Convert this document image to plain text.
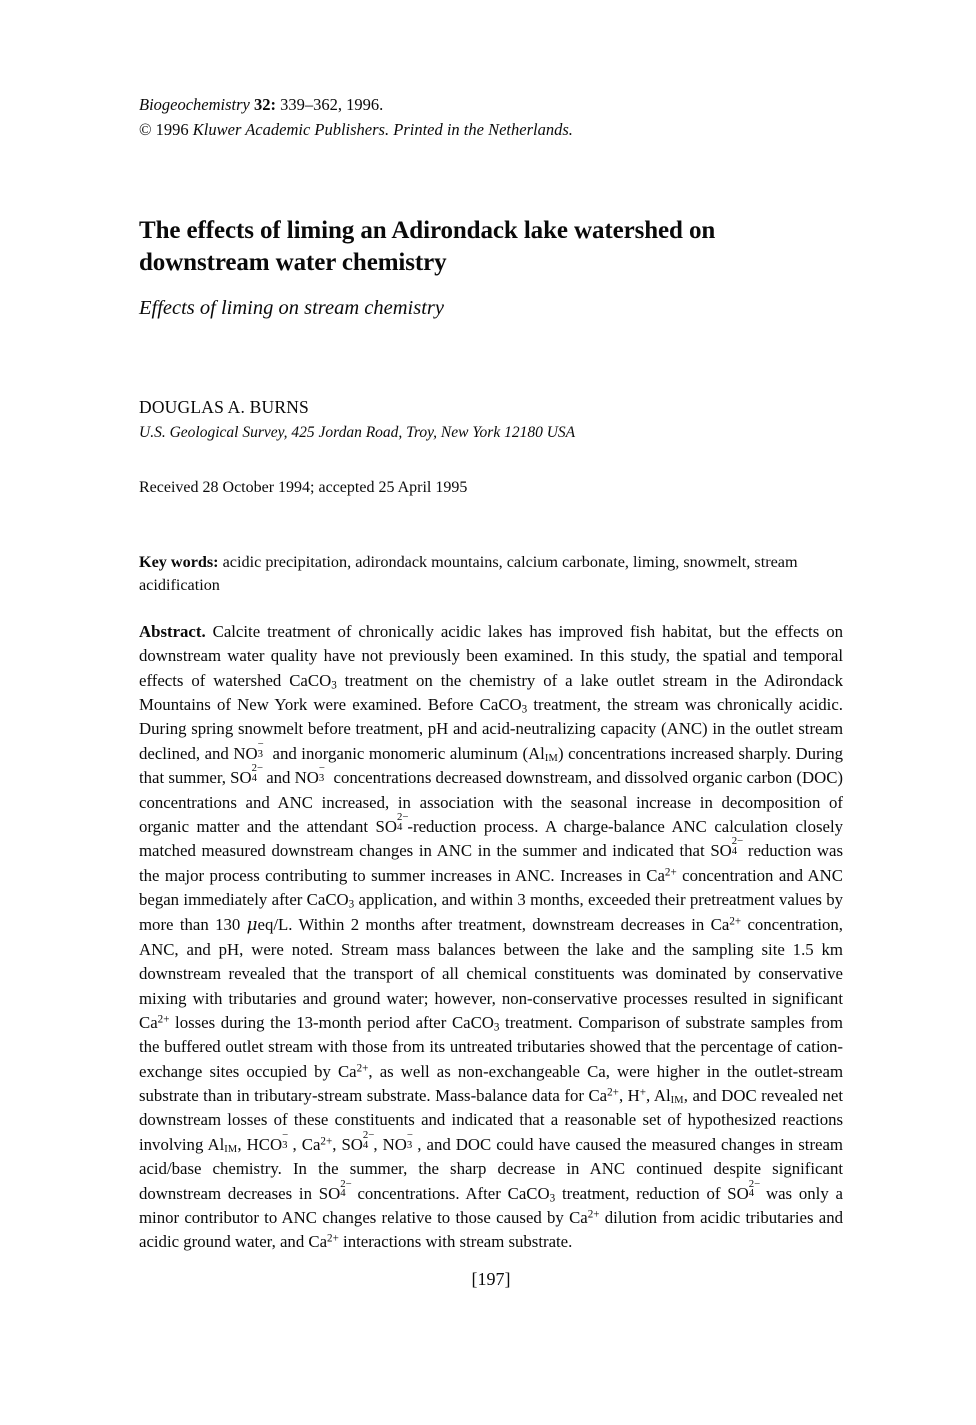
Biogeochemistry 32: 339–362, 1996.
© 1996 Kluwer Academic Publishers. Printed in the Netherlands.
The effects of liming an Adirondack lake watershed on downstream water chemistry
Effects of liming on stream chemistry
DOUGLAS A. BURNS
U.S. Geological Survey, 425 Jordan Road, Troy, New York 12180 USA
Received 28 October 1994; accepted 25 April 1995
Key words: acidic precipitation, adirondack mountains, calcium carbonate, liming, snowmelt, stream acidification
Abstract. Calcite treatment of chronically acidic lakes has improved fish habitat, but the effects on downstream water quality have not previously been examined. In this study, the spatial and temporal effects of watershed CaCO$_3$ treatment on the chemistry of a lake outlet stream in the Adirondack Mountains of New York were examined. Before CaCO$_3$ treatment, the stream was chronically acidic. During spring snowmelt before treatment, pH and acid-neutralizing capacity (ANC) in the outlet stream declined, and NO
−
3 and inorganic monomeric aluminum (AlIM) concentrations increased sharply. During that summer, SO
2−
4 and NO
−
3 concentrations decreased downstream, and dissolved organic carbon (DOC) concentrations and ANC increased, in association with the seasonal increase in decomposition of organic matter and the attendant SO
2−
4 -reduction process. A charge-balance ANC calculation closely matched measured downstream changes in ANC in the summer and indicated that SO
2−
4 reduction was the major process contributing to summer increases in ANC. Increases in $Ca^{2+}$ concentration and ANC began immediately after CaCO$_3$ application, and within 3 months, exceeded their pretreatment values by more than 130 μeq/L. Within 2 months after treatment, downstream decreases in $Ca^{2+}$ concentration, ANC, and pH, were noted. Stream mass balances between the lake and the sampling site 1.5 km downstream revealed that the transport of all chemical constituents was dominated by conservative mixing with tributaries and ground water; however, non-conservative processes resulted in significant $Ca^{2+}$ losses during the 13-month period after CaCO$_3$ treatment. Comparison of substrate samples from the buffered outlet stream with those from its untreated tributaries showed that the percentage of cation-exchange sites occupied by $Ca^{2+}$, as well as non-exchangeable Ca, were higher in the outlet-stream substrate than in tributary-stream substrate. Mass-balance data for $Ca^{2+}$, H+, AlIM, and DOC revealed net downstream losses of these constituents and indicated that a reasonable set of hypothesized reactions involving AlIM, HCO
−
3 , $Ca^{2+}$, SO
2−
4 , NO
−
3 , and DOC could have caused the measured changes in stream acid/base chemistry. In the summer, the sharp decrease in ANC continued despite significant downstream decreases in SO
2−
4 concentrations. After CaCO$_3$ treatment, reduction of SO
2−
4 was only a minor contributor to ANC changes relative to those caused by $Ca^{2+}$ dilution from acidic tributaries and acidic ground water, and $Ca^{2+}$ interactions with stream substrate.
[197]
